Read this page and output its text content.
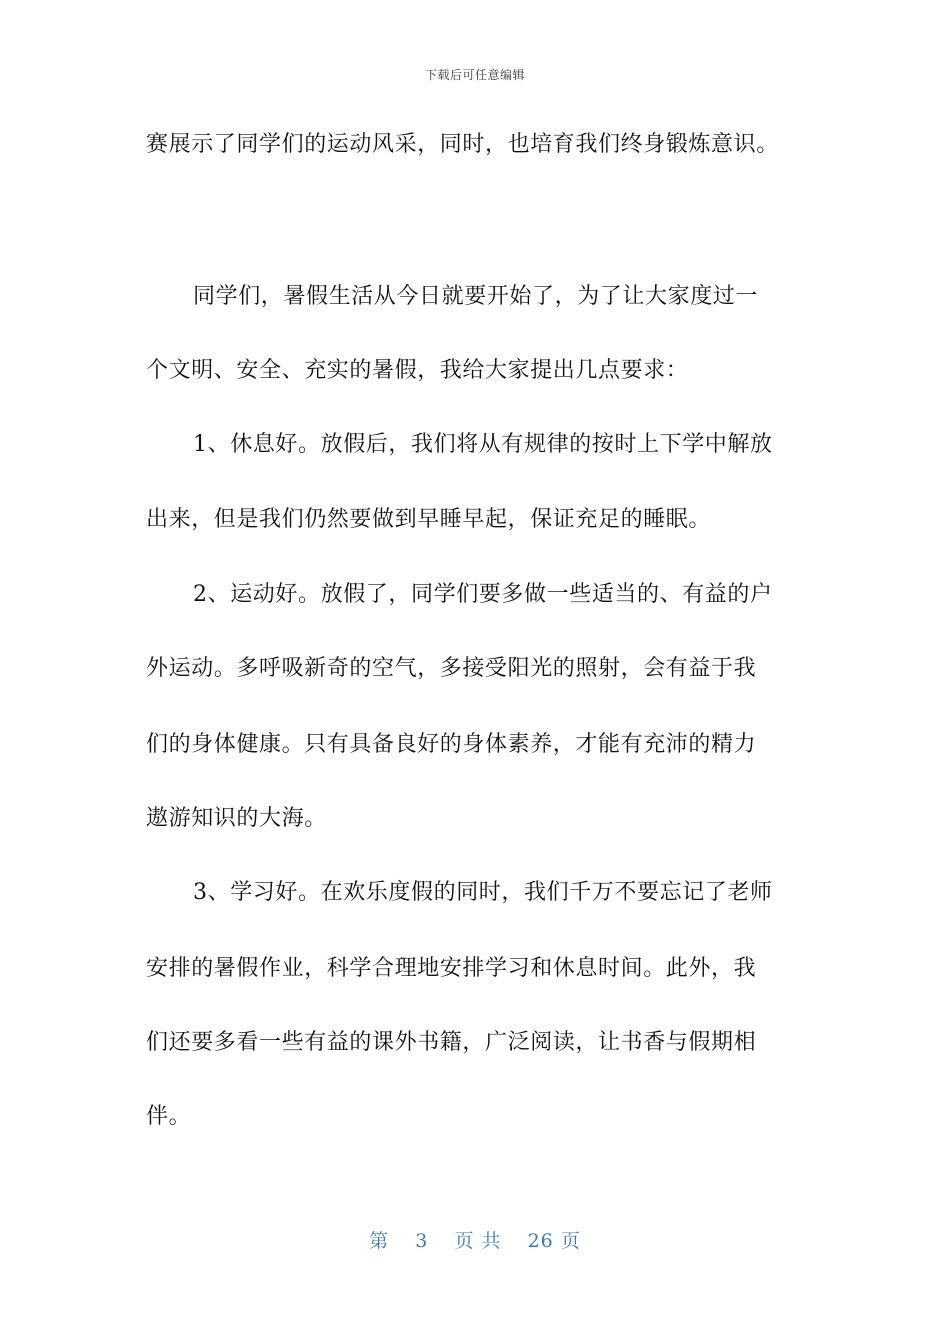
下载后可任意编辑
赛展示了同学们的运动风采，同时，也培育我们终身锻炼意识。
同学们，暑假生活从今日就要开始了，为了让大家度过一
个文明、安全、充实的暑假，我给大家提出几点要求：
1、休息好。放假后，我们将从有规律的按时上下学中解放
出来，但是我们仍然要做到早睡早起，保证充足的睡眠。
2、运动好。放假了，同学们要多做一些适当的、有益的户
外运动。多呼吸新奇的空气，多接受阳光的照射，会有益于我
们的身体健康。只有具备良好的身体素养，才能有充沛的精力
遨游知识的大海。
3、学习好。在欢乐度假的同时，我们千万不要忘记了老师
安排的暑假作业，科学合理地安排学习和休息时间。此外，我
们还要多看一些有益的课外书籍，广泛阅读，让书香与假期相
伴。
第 3 页 共 26 页
